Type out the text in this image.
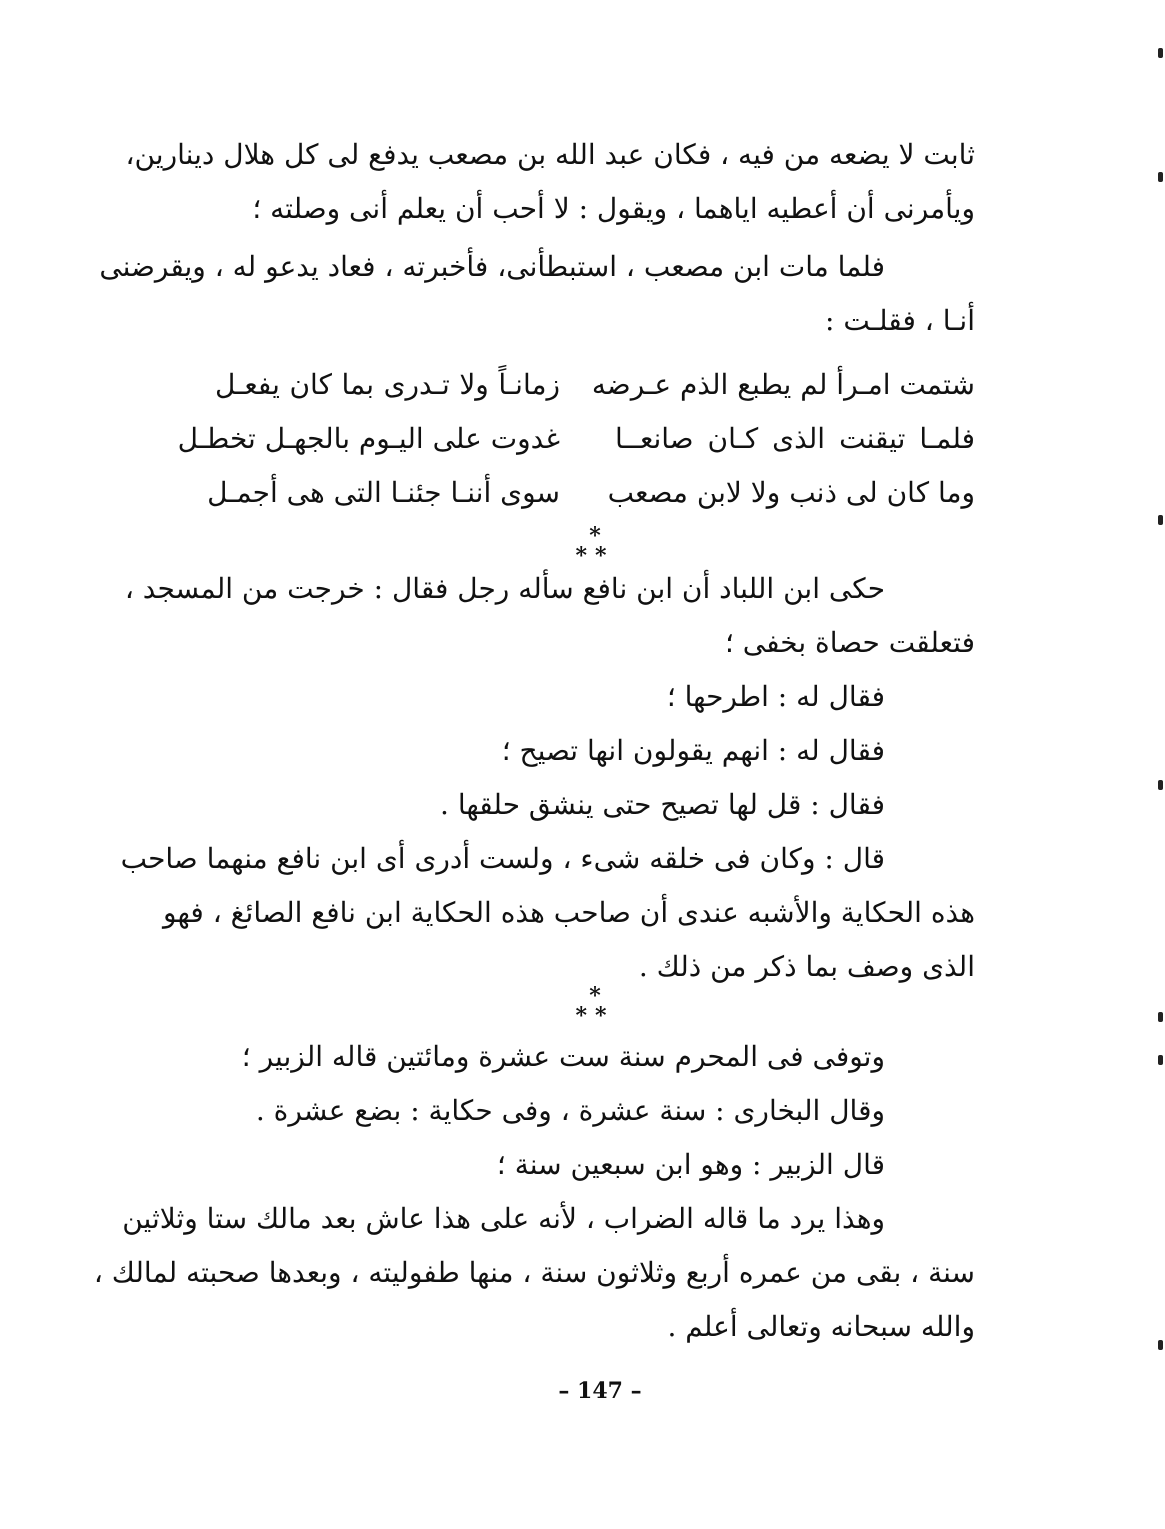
ثابت لا يضعه من فيه ، فكان عبد الله بن مصعب يدفع لى كل هلال دينارين،
ويأمرنى أن أعطيه اياهما ، ويقول : لا أحب أن يعلم أنى وصلته ؛
فلما مات ابن مصعب ، استبطأنى، فأخبرته ، فعاد يدعو له ، ويقرضنى
أنـا ، فقلـت :
شتمت امـرأ لم يطبع الذم عـرضه
زمانـاً ولا تـدرى بما كان يفعـل
فلمـا تيقنت الذى كـان صانعــا
غدوت على اليـوم بالجهـل تخطـل
وما كان لى ذنب ولا لابن مصعب
سوى أننـا جئنـا التى هى أجمـل
*
**
حكى ابن اللباد أن ابن نافع سأله رجل فقال : خرجت من المسجد ،
فتعلقت حصاة بخفى ؛
فقال له : اطرحها ؛
فقال له : انهم يقولون انها تصيح ؛
فقال : قل لها تصيح حتى ينشق حلقها .
قال : وكان فى خلقه شىء ، ولست أدرى أى ابن نافع منهما صاحب
هذه الحكاية والأشبه عندى أن صاحب هذه الحكاية ابن نافع الصائغ ، فهو
الذى وصف بما ذكر من ذلك .
*
**
وتوفى فى المحرم سنة ست عشرة ومائتين قاله الزبير ؛
وقال البخارى : سنة عشرة ، وفى حكاية : بضع عشرة .
قال الزبير : وهو ابن سبعين سنة ؛
وهذا يرد ما قاله الضراب ، لأنه على هذا عاش بعد مالك ستا وثلاثين
سنة ، بقى من عمره أربع وثلاثون سنة ، منها طفوليته ، وبعدها صحبته لمالك ،
والله سبحانه وتعالى أعلم .
– 147 –
